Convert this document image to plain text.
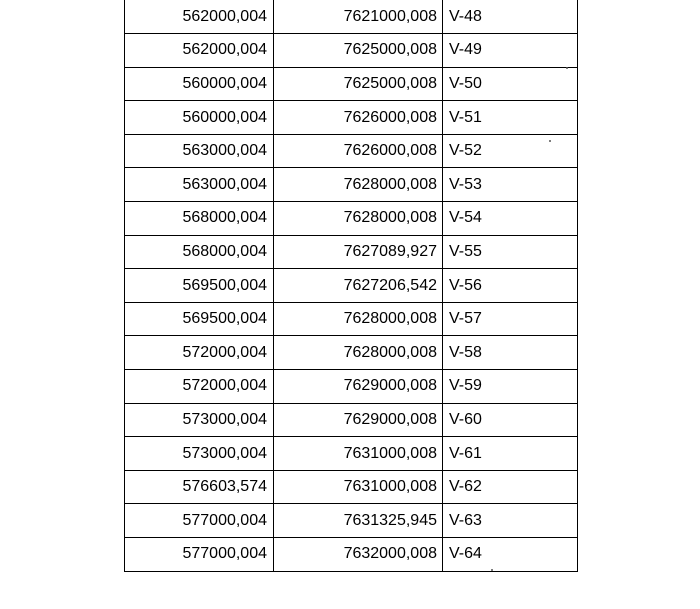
562000,004	7621000,008	V-48
562000,004	7625000,008	V-49
560000,004	7625000,008	V-50
560000,004	7626000,008	V-51
563000,004	7626000,008	V-52
563000,004	7628000,008	V-53
568000,004	7628000,008	V-54
568000,004	7627089,927	V-55
569500,004	7627206,542	V-56
569500,004	7628000,008	V-57
572000,004	7628000,008	V-58
572000,004	7629000,008	V-59
573000,004	7629000,008	V-60
573000,004	7631000,008	V-61
576603,574	7631000,008	V-62
577000,004	7631325,945	V-63
577000,004	7632000,008	V-64
